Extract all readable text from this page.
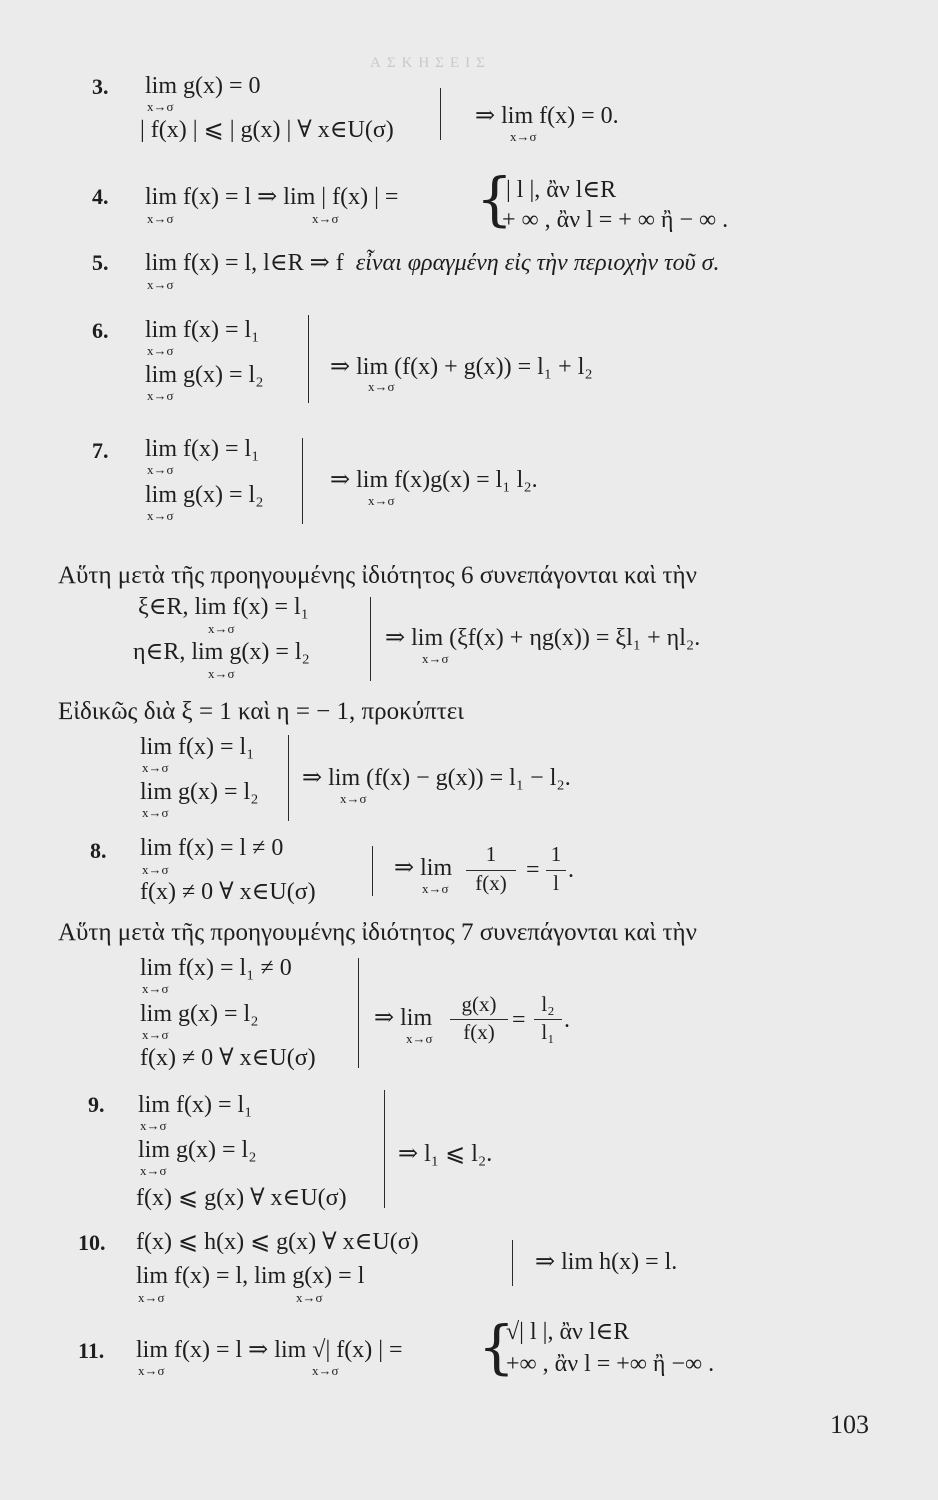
ΑΣΚΗΣΕΙΣ
3. lim g(x) = 0
x→σ
| f(x) | ⩽ | g(x) | ∀ x∈U(σ)
⇒ lim f(x) = 0.
x→σ
4. lim f(x) = l ⇒ lim | f(x) | =
x→σ	x→σ {
| l |, ἂν l∈R
+ ∞ , ἂν l = + ∞ ἢ − ∞ .
5. lim f(x) = l, l∈R ⇒ f εἶναι φραγμένη εἰς τὴν περιοχὴν τοῦ σ.
x→σ
6. lim f(x) = l₁
x→σ
lim g(x) = l₂
x→σ
⇒ lim (f(x) + g(x)) = l₁ + l₂
x→σ
7. lim f(x) = l₁
x→σ
lim g(x) = l₂
x→σ
⇒ lim f(x)g(x) = l₁ l₂.
x→σ
Αὕτη μετὰ τῆς προηγουμένης ἰδιότητος 6 συνεπάγονται καὶ τὴν
ξ∈R, lim f(x) = l₁
x→σ
η∈R, lim g(x) = l₂
x→σ
⇒ lim (ξf(x) + ηg(x)) = ξl₁ + ηl₂.
x→σ
Εἰδικῶς διὰ ξ = 1 καὶ η = − 1, προκύπτει
lim f(x) = l₁
x→σ
lim g(x) = l₂
x→σ
⇒ lim (f(x) − g(x)) = l₁ − l₂.
x→σ
8. lim f(x) = l ≠ 0
x→σ
f(x) ≠ 0 ∀ x∈U(σ)
⇒ lim
x→σ
1
f(x) =
1
l .
Αὕτη μετὰ τῆς προηγουμένης ἰδιότητος 7 συνεπάγονται καὶ τὴν
lim f(x) = l₁ ≠ 0
x→σ
lim g(x) = l₂
x→σ
f(x) ≠ 0 ∀ x∈U(σ)
⇒ lim
x→σ
g(x)
f(x) =
l₂
l₁ .
9. lim f(x) = l₁
x→σ
lim g(x) = l₂
x→σ
f(x) ⩽ g(x) ∀ x∈U(σ)
⇒ l₁ ⩽ l₂.
10. f(x) ⩽ h(x) ⩽ g(x) ∀ x∈U(σ)
lim f(x) = l, lim g(x) = l
x→σ	x→σ
⇒ lim h(x) = l.
11. lim f(x) = l ⇒ lim √| f(x) | =
x→σ	x→σ {
√| l |, ἂν l∈R
+∞ , ἂν l = +∞ ἢ −∞ .
103
